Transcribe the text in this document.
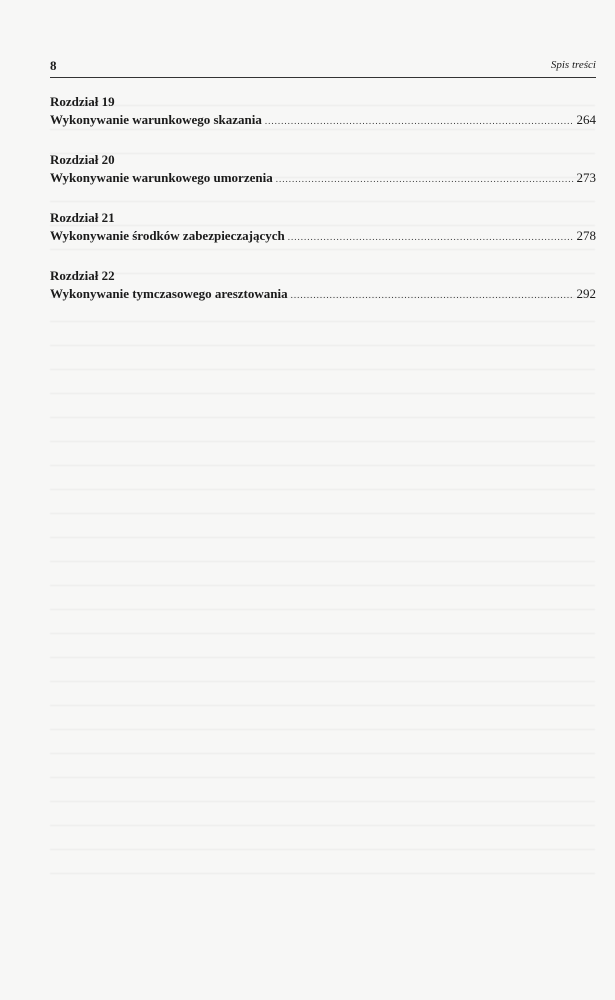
8	Spis treści
Rozdział 19
Wykonywanie warunkowego skazania .....	264
Rozdział 20
Wykonywanie warunkowego umorzenia .....	273
Rozdział 21
Wykonywanie środków zabezpieczających .....	278
Rozdział 22
Wykonywanie tymczasowego aresztowania .....	292
